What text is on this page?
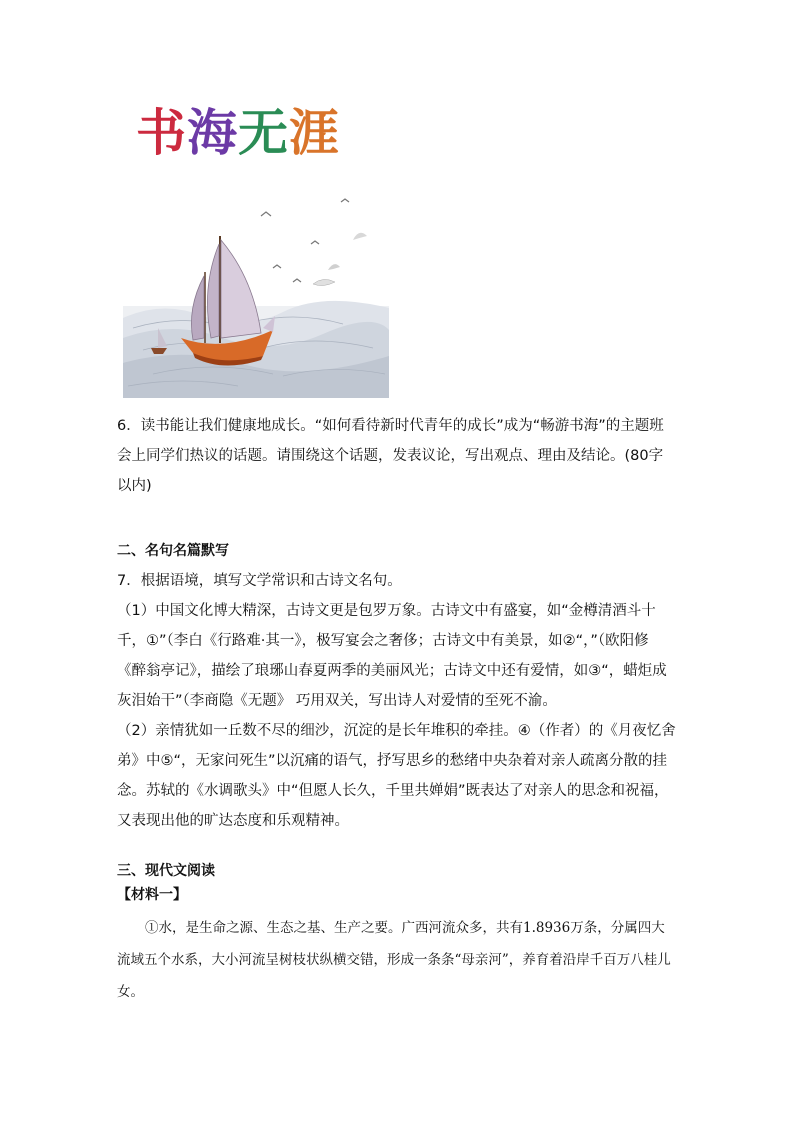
书海无涯

6．读书能让我们健康地成长。“如何看待新时代青年的成长”成为“畅游书海”的主题班会上同学们热议的话题。请围绕这个话题，发表议论，写出观点、理由及结论。(80字以内)

二、名句名篇默写

7．根据语境，填写文学常识和古诗文名句。

（1）中国文化博大精深，古诗文更是包罗万象。古诗文中有盛宴，如“金樽清酒斗十千，①”（李白《行路难·其一》，极写宴会之奢侈；古诗文中有美景，如②“，”（欧阳修《醉翁亭记》，描绘了琅琊山春夏两季的美丽风光；古诗文中还有爱情，如③“，蜡炬成灰泪始干”（李商隐《无题》 巧用双关，写出诗人对爱情的至死不渝。

（2）亲情犹如一丘数不尽的细沙，沉淀的是长年堆积的牵挂。④（作者）的《月夜忆舍弟》中⑤“，无家问死生”以沉痛的语气，抒写思乡的愁绪中央杂着对亲人疏离分散的挂念。苏轼的《水调歌头》中“但愿人长久，千里共婵娟”既表达了对亲人的思念和祝福，又表现出他的旷达态度和乐观精神。

三、现代文阅读
【材料一】

①水，是生命之源、生态之基、生产之要。广西河流众多，共有1.8936万条，分属四大流域五个水系，大小河流呈树枝状纵横交错，形成一条条“母亲河”，养育着沿岸千百万八桂儿女。
